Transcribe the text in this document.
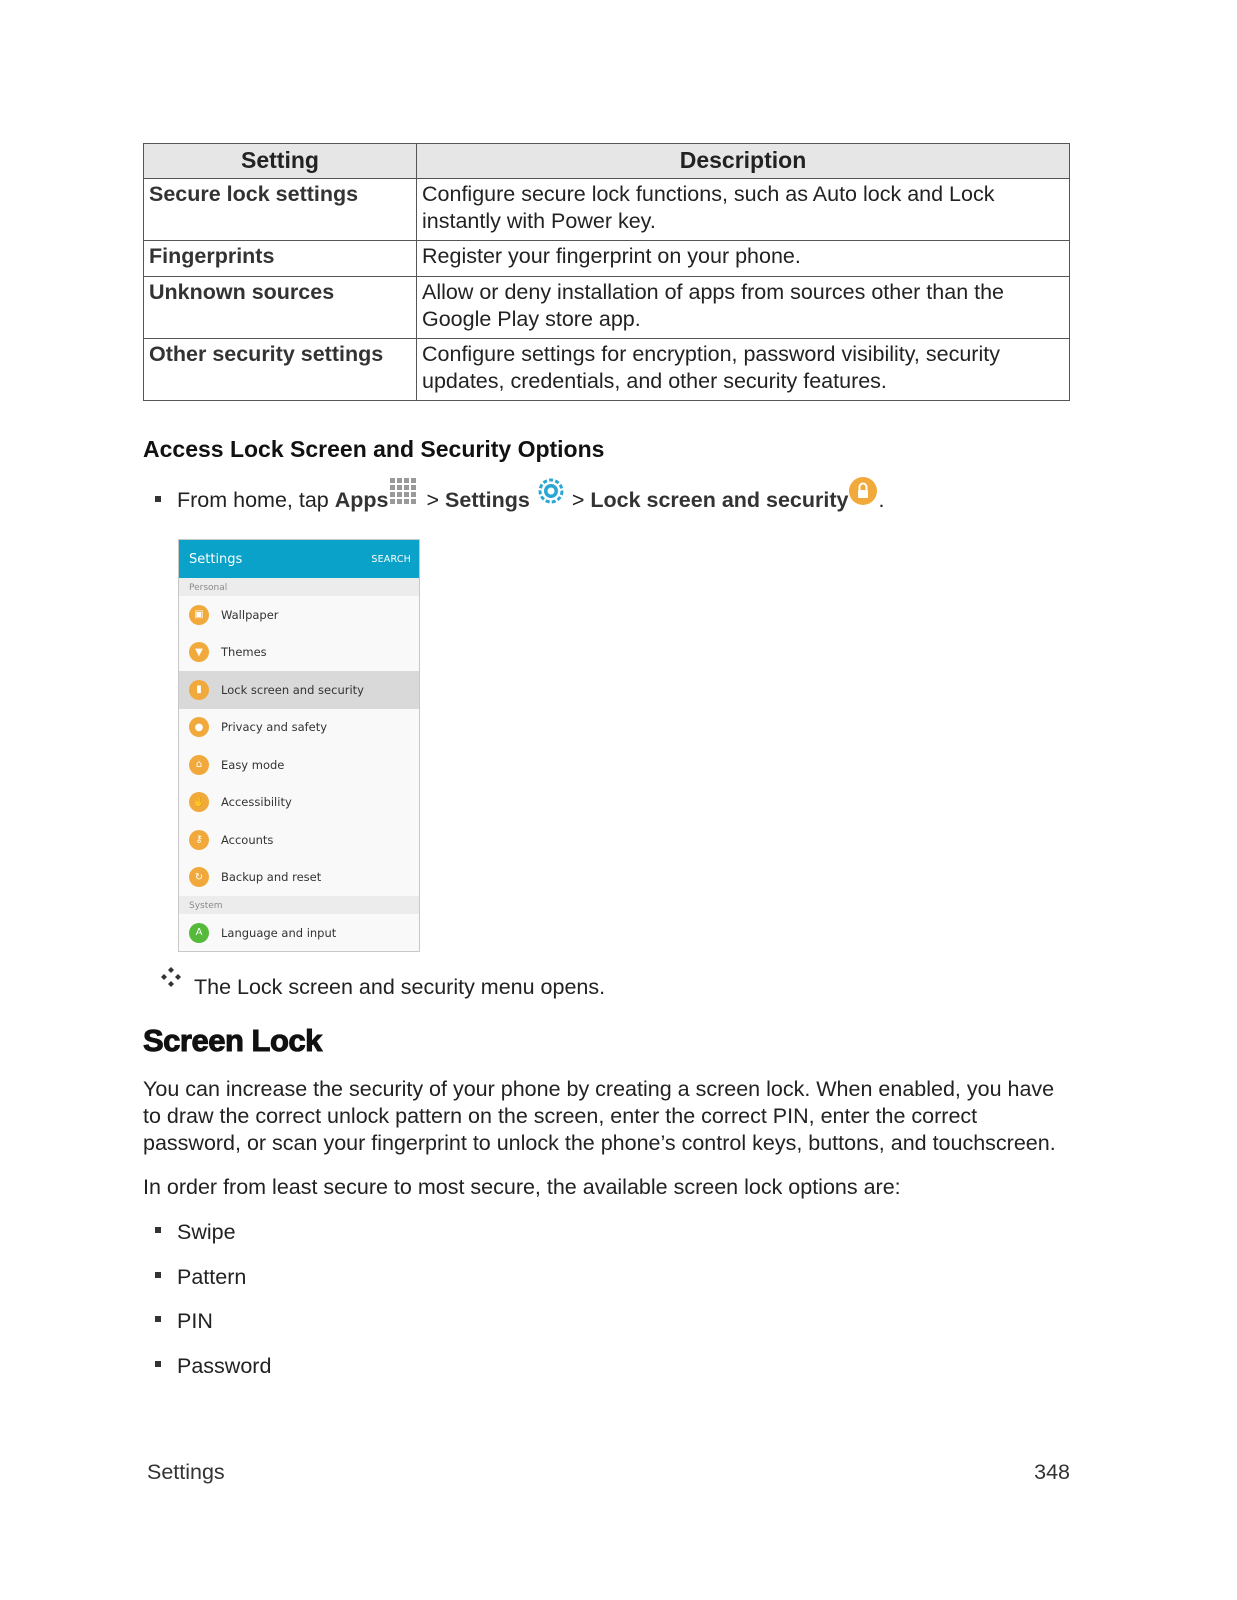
Setting	Description
Secure lock settings	Configure secure lock functions, such as Auto lock and Lock instantly with Power key.
Fingerprints	Register your fingerprint on your phone.
Unknown sources	Allow or deny installation of apps from sources other than the Google Play store app.
Other security settings	Configure settings for encryption, password visibility, security updates, credentials, and other security features.
Access Lock Screen and Security Options
From home, tap Apps > Settings > Lock screen and security .
Settings	SEARCH
Personal
▣	Wallpaper
▼	Themes
▮	Lock screen and security
●	Privacy and safety
⌂	Easy mode
✋	Accessibility
⚷	Accounts
↻	Backup and reset
System
A	Language and input
The Lock screen and security menu opens.
Screen Lock

You can increase the security of your phone by creating a screen lock. When enabled, you have to draw the correct unlock pattern on the screen, enter the correct PIN, enter the correct password, or scan your fingerprint to unlock the phone’s control keys, buttons, and touchscreen.

In order from least secure to most secure, the available screen lock options are:

Swipe
Pattern
PIN
Password
Settings	348
